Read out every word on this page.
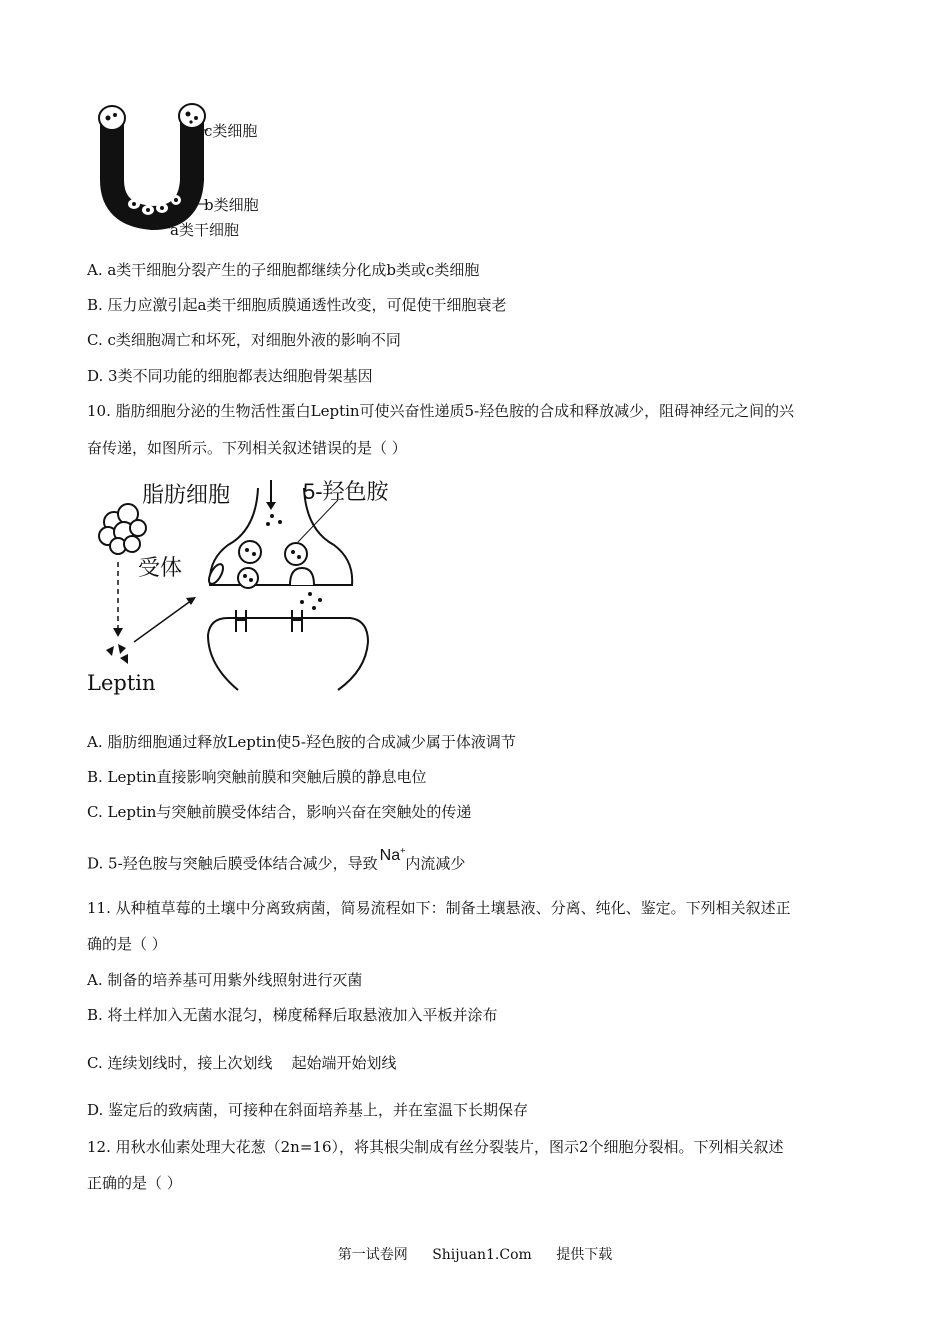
c类细胞
b类细胞
a类干细胞

A. a类干细胞分裂产生的子细胞都继续分化成b类或c类细胞

B. 压力应激引起a类干细胞质膜通透性改变，可促使干细胞衰老

C. c类细胞凋亡和坏死，对细胞外液的影响不同

D. 3类不同功能的细胞都表达细胞骨架基因

10. 脂肪细胞分泌的生物活性蛋白Leptin可使兴奋性递质5-羟色胺的合成和释放减少，阻碍神经元之间的兴

奋传递，如图所示。下列相关叙述错误的是（ ）

脂肪细胞	5-羟色胺
受体
Leptin

A. 脂肪细胞通过释放Leptin使5-羟色胺的合成减少属于体液调节

B. Leptin直接影响突触前膜和突触后膜的静息电位

C. Leptin与突触前膜受体结合，影响兴奋在突触处的传递

D. 5-羟色胺与突触后膜受体结合减少，导致 Na+内流减少

11. 从种植草莓的土壤中分离致病菌，简易流程如下：制备土壤悬液、分离、纯化、鉴定。下列相关叙述正

确的是（ ）

A. 制备的培养基可用紫外线照射进行灭菌

B. 将土样加入无菌水混匀，梯度稀释后取悬液加入平板并涂布

C. 连续划线时，接上次划线    起始端开始划线

D. 鉴定后的致病菌，可接种在斜面培养基上，并在室温下长期保存

12. 用秋水仙素处理大花葱（2n=16），将其根尖制成有丝分裂装片，图示2个细胞分裂相。下列相关叙述

正确的是（ ）

第一试卷网 Shijuan1.Com 提供下载
